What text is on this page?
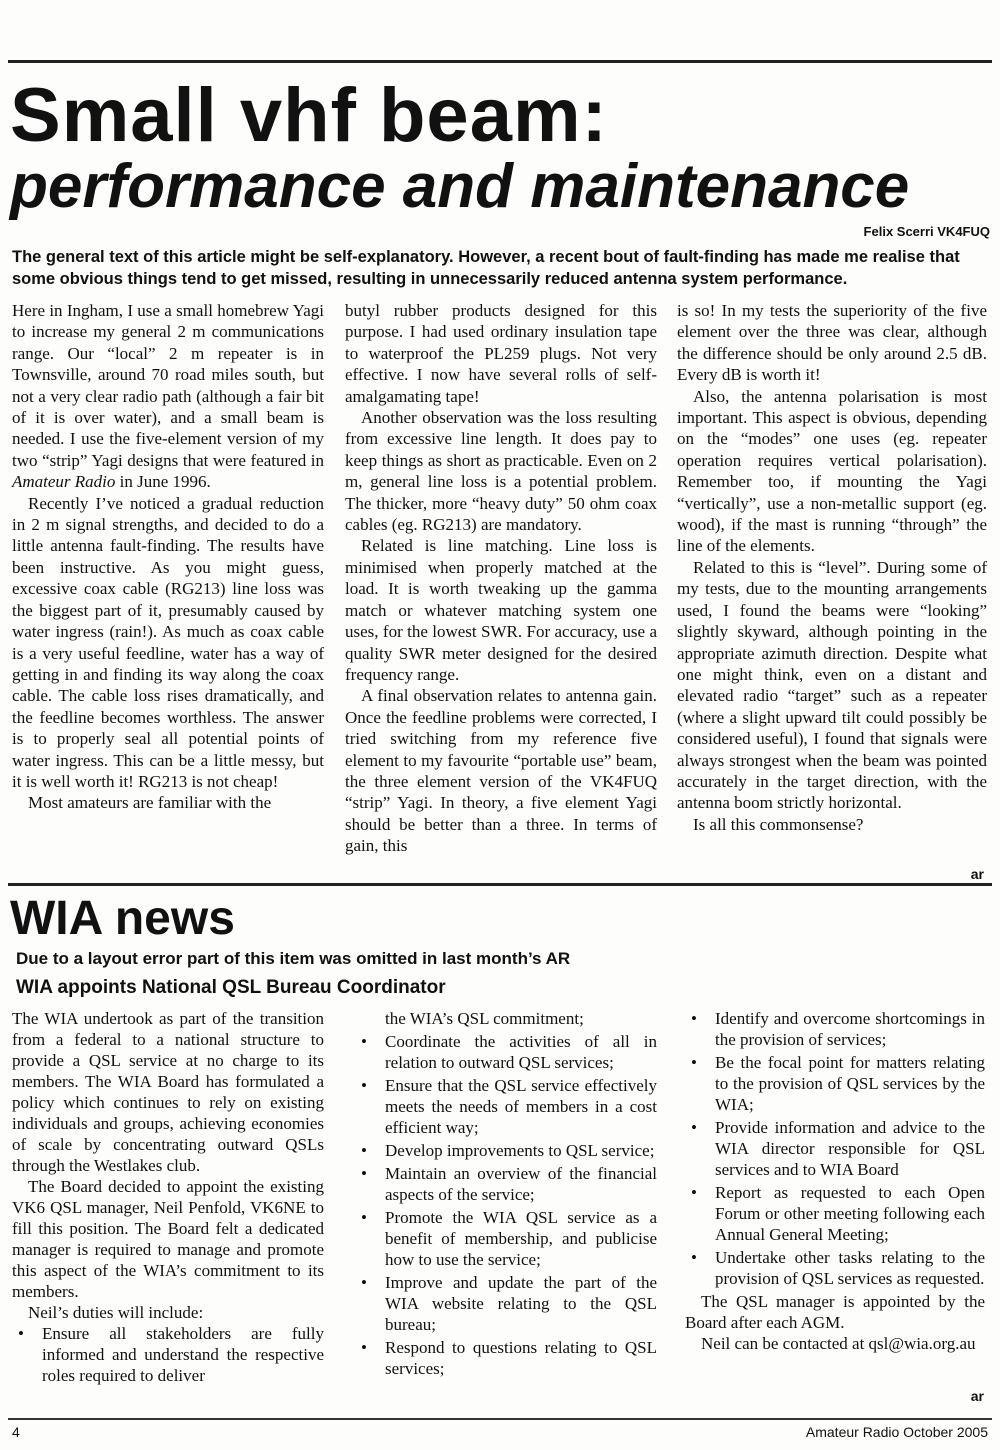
Small vhf beam:
performance and maintenance
Felix Scerri VK4FUQ
The general text of this article might be self-explanatory. However, a recent bout of fault-finding has made me realise that some obvious things tend to get missed, resulting in unnecessarily reduced antenna system performance.

Here in Ingham, I use a small homebrew Yagi to increase my general 2 m communications range. Our “local” 2 m repeater is in Townsville, around 70 road miles south, but not a very clear radio path (although a fair bit of it is over water), and a small beam is needed. I use the five-element version of my two “strip” Yagi designs that were featured in Amateur Radio in June 1996.

Recently I’ve noticed a gradual reduction in 2 m signal strengths, and decided to do a little antenna fault-finding. The results have been instructive. As you might guess, excessive coax cable (RG213) line loss was the biggest part of it, presumably caused by water ingress (rain!). As much as coax cable is a very useful feedline, water has a way of getting in and finding its way along the coax cable. The cable loss rises dramatically, and the feedline becomes worthless. The answer is to properly seal all potential points of water ingress. This can be a little messy, but it is well worth it! RG213 is not cheap!

Most amateurs are familiar with the

butyl rubber products designed for this purpose. I had used ordinary insulation tape to waterproof the PL259 plugs. Not very effective. I now have several rolls of self-amalgamating tape!

Another observation was the loss resulting from excessive line length. It does pay to keep things as short as practicable. Even on 2 m, general line loss is a potential problem. The thicker, more “heavy duty” 50 ohm coax cables (eg. RG213) are mandatory.

Related is line matching. Line loss is minimised when properly matched at the load. It is worth tweaking up the gamma match or whatever matching system one uses, for the lowest SWR. For accuracy, use a quality SWR meter designed for the desired frequency range.

A final observation relates to antenna gain. Once the feedline problems were corrected, I tried switching from my reference five element to my favourite “portable use” beam, the three element version of the VK4FUQ “strip” Yagi. In theory, a five element Yagi should be better than a three. In terms of gain, this

is so! In my tests the superiority of the five element over the three was clear, although the difference should be only around 2.5 dB. Every dB is worth it!

Also, the antenna polarisation is most important. This aspect is obvious, depending on the “modes” one uses (eg. repeater operation requires vertical polarisation). Remember too, if mounting the Yagi “vertically”, use a non-metallic support (eg. wood), if the mast is running “through” the line of the elements.

Related to this is “level”. During some of my tests, due to the mounting arrangements used, I found the beams were “looking” slightly skyward, although pointing in the appropriate azimuth direction. Despite what one might think, even on a distant and elevated radio “target” such as a repeater (where a slight upward tilt could possibly be considered useful), I found that signals were always strongest when the beam was pointed accurately in the target direction, with the antenna boom strictly horizontal.

Is all this commonsense?

ar
WIA news
Due to a layout error part of this item was omitted in last month’s AR
WIA appoints National QSL Bureau Coordinator

The WIA undertook as part of the transition from a federal to a national structure to provide a QSL service at no charge to its members. The WIA Board has formulated a policy which continues to rely on existing individuals and groups, achieving economies of scale by concentrating outward QSLs through the Westlakes club.

The Board decided to appoint the existing VK6 QSL manager, Neil Penfold, VK6NE to fill this position. The Board felt a dedicated manager is required to manage and promote this aspect of the WIA’s commitment to its members.

Neil’s duties will include:

• Ensure all stakeholders are fully informed and understand the respective roles required to deliver
the WIA’s QSL commitment;
• Coordinate the activities of all in relation to outward QSL services;
• Ensure that the QSL service effectively meets the needs of members in a cost efficient way;
• Develop improvements to QSL service;
• Maintain an overview of the financial aspects of the service;
• Promote the WIA QSL service as a benefit of membership, and publicise how to use the service;
• Improve and update the part of the WIA website relating to the QSL bureau;
• Respond to questions relating to QSL services;
• Identify and overcome shortcomings in the provision of services;
• Be the focal point for matters relating to the provision of QSL services by the WIA;
• Provide information and advice to the WIA director responsible for QSL services and to WIA Board
• Report as requested to each Open Forum or other meeting following each Annual General Meeting;
• Undertake other tasks relating to the provision of QSL services as requested.

The QSL manager is appointed by the Board after each AGM.

Neil can be contacted at qsl@wia.org.au

ar
4	Amateur Radio October 2005
